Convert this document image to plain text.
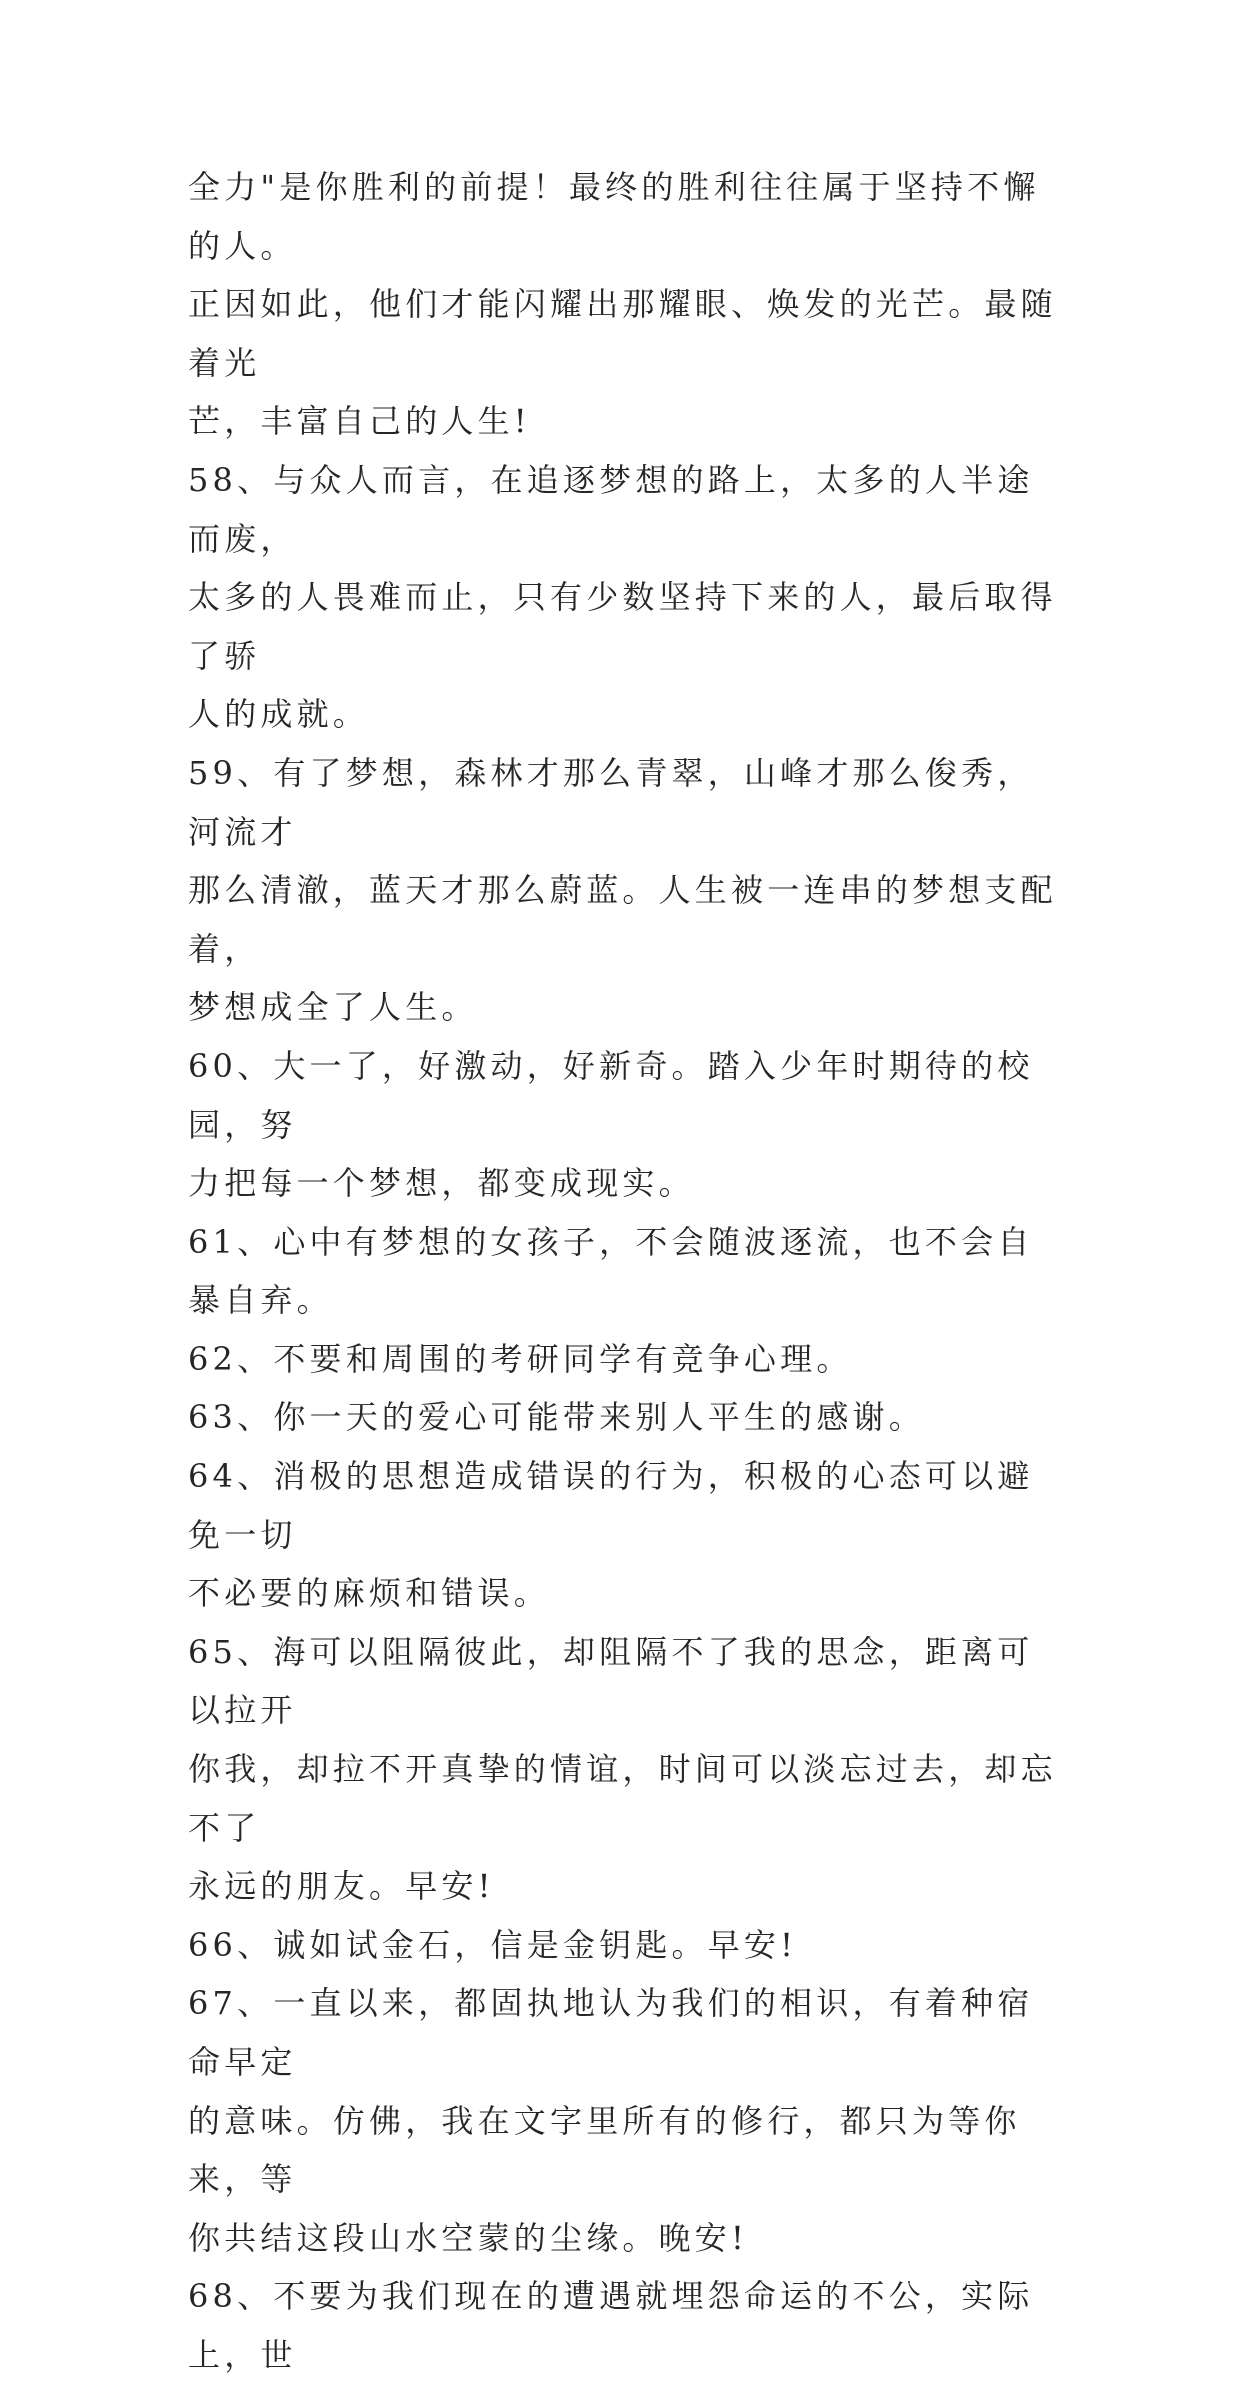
全力"是你胜利的前提！最终的胜利往往属于坚持不懈的人。
正因如此，他们才能闪耀出那耀眼、焕发的光芒。最随着光
芒，丰富自己的人生!

58、与众人而言，在追逐梦想的路上，太多的人半途而废，
太多的人畏难而止，只有少数坚持下来的人，最后取得了骄
人的成就。

59、有了梦想，森林才那么青翠，山峰才那么俊秀，河流才
那么清澈，蓝天才那么蔚蓝。人生被一连串的梦想支配着，
梦想成全了人生。

60、大一了，好激动，好新奇。踏入少年时期待的校园，努
力把每一个梦想，都变成现实。

61、心中有梦想的女孩子，不会随波逐流，也不会自暴自弃。

62、不要和周围的考研同学有竞争心理。

63、你一天的爱心可能带来别人平生的感谢。

64、消极的思想造成错误的行为，积极的心态可以避免一切
不必要的麻烦和错误。

65、海可以阻隔彼此，却阻隔不了我的思念，距离可以拉开
你我，却拉不开真挚的情谊，时间可以淡忘过去，却忘不了
永远的朋友。早安!

66、诚如试金石，信是金钥匙。早安!

67、一直以来，都固执地认为我们的相识，有着种宿命早定
的意味。仿佛，我在文字里所有的修行，都只为等你来，等
你共结这段山水空蒙的尘缘。晚安!

68、不要为我们现在的遭遇就埋怨命运的不公，实际上，世
